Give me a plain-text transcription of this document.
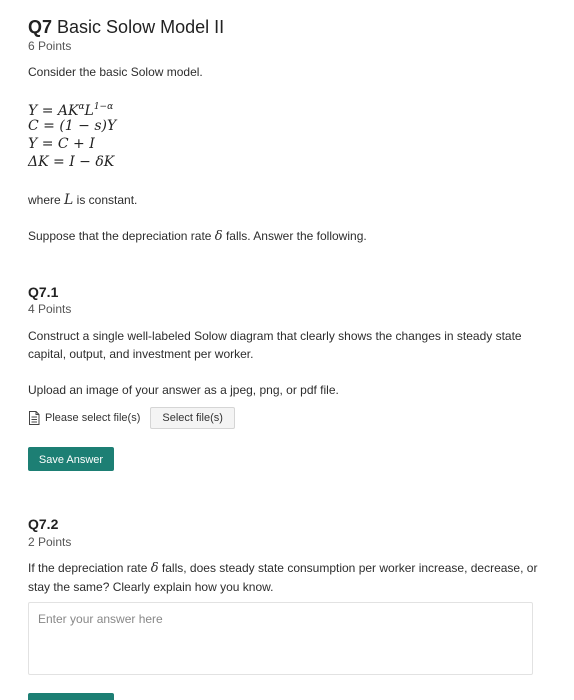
Q7 Basic Solow Model II
6 Points
Consider the basic Solow model.
$Y = AK^\alpha L^{1-\alpha}$
C = (1 − s)Y
Y = C + I
ΔK = I − δK
where L is constant.
Suppose that the depreciation rate δ falls. Answer the following.
Q7.1
4 Points
Construct a single well-labeled Solow diagram that clearly shows the changes in steady state capital, output, and investment per worker.
Upload an image of your answer as a jpeg, png, or pdf file.
Please select file(s)	Select file(s)
Save Answer
Q7.2
2 Points
If the depreciation rate δ falls, does steady state consumption per worker increase, decrease, or stay the same? Clearly explain how you know.
Enter your answer here
